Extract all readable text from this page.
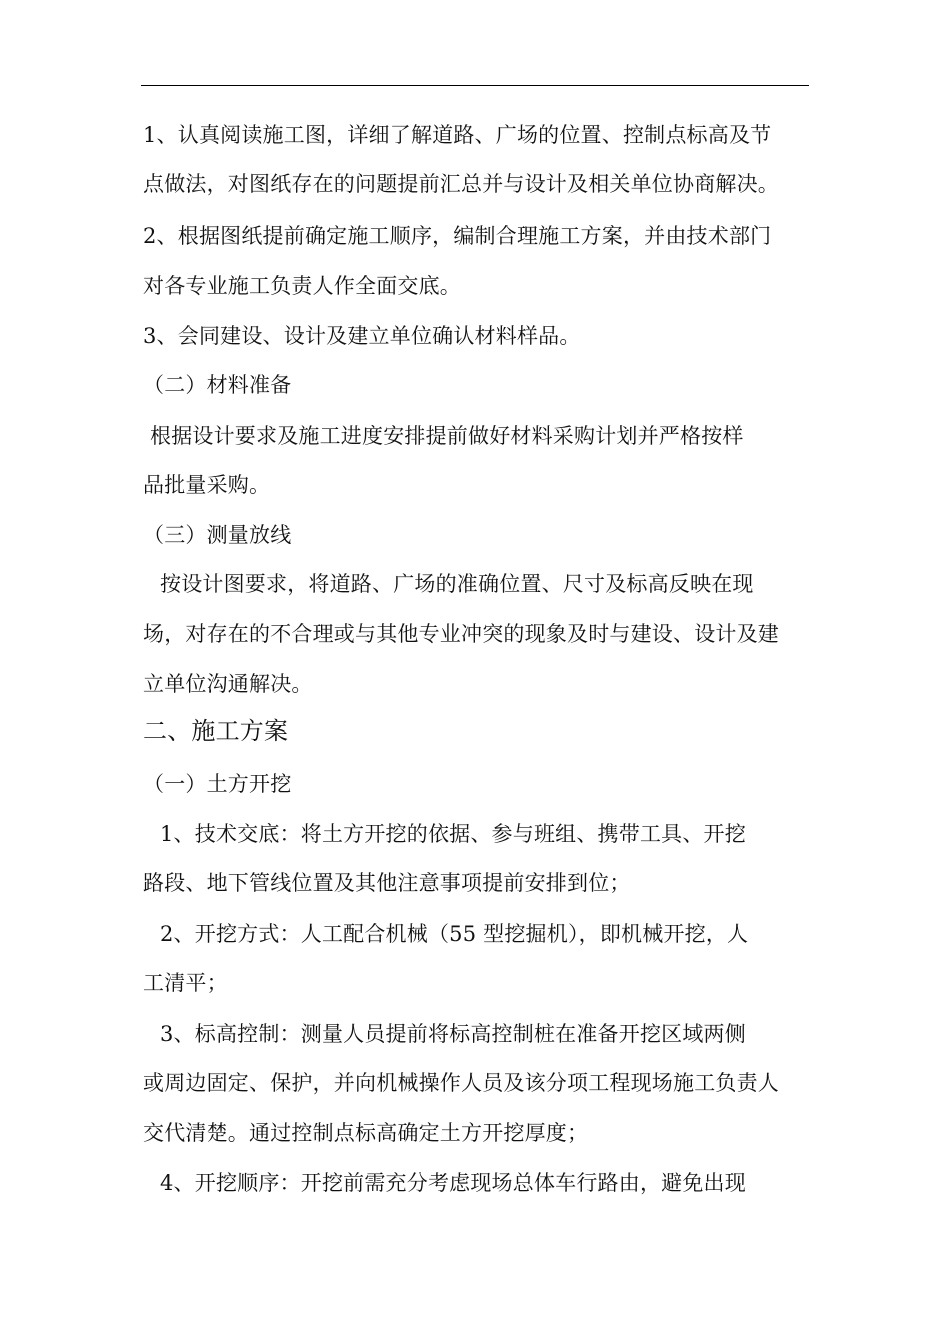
1、认真阅读施工图，详细了解道路、广场的位置、控制点标高及节
点做法，对图纸存在的问题提前汇总并与设计及相关单位协商解决。
2、根据图纸提前确定施工顺序，编制合理施工方案，并由技术部门
对各专业施工负责人作全面交底。
3、会同建设、设计及建立单位确认材料样品。
（二）材料准备
根据设计要求及施工进度安排提前做好材料采购计划并严格按样
品批量采购。
（三）测量放线
按设计图要求，将道路、广场的准确位置、尺寸及标高反映在现
场，对存在的不合理或与其他专业冲突的现象及时与建设、设计及建
立单位沟通解决。
二、施工方案
（一）土方开挖
1、技术交底：将土方开挖的依据、参与班组、携带工具、开挖
路段、地下管线位置及其他注意事项提前安排到位；
2、开挖方式：人工配合机械（55 型挖掘机），即机械开挖，人
工清平；
3、标高控制：测量人员提前将标高控制桩在准备开挖区域两侧
或周边固定、保护，并向机械操作人员及该分项工程现场施工负责人
交代清楚。通过控制点标高确定土方开挖厚度；
4、开挖顺序：开挖前需充分考虑现场总体车行路由，避免出现
